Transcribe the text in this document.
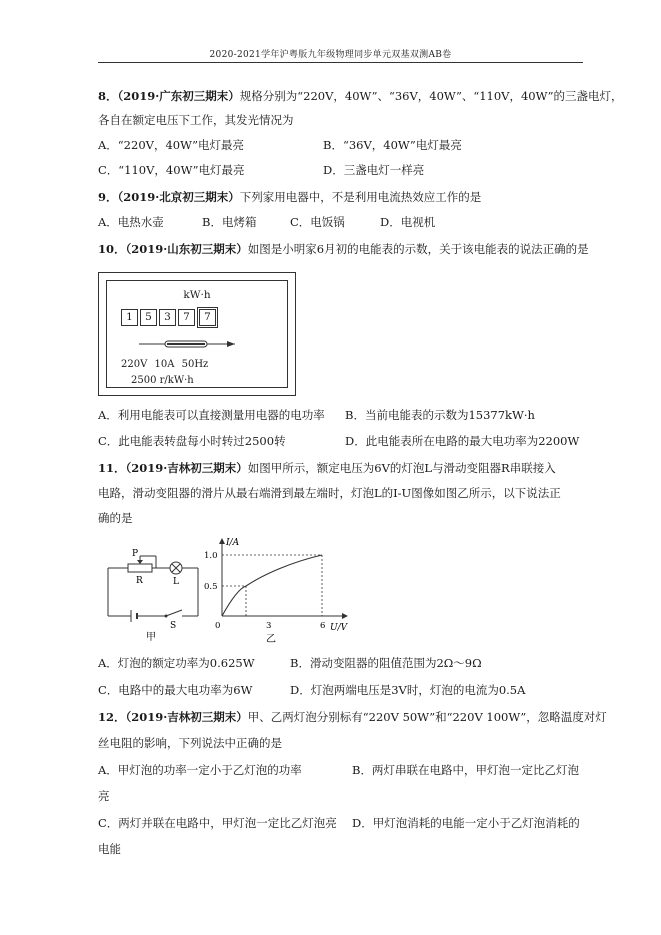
2020-2021学年沪粤版九年级物理同步单元双基双测AB卷
8．（2019·广东初三期末）规格分别为“220V，40W”、“36V，40W”、“110V，40W”的三盏电灯，
各自在额定电压下工作，其发光情况为
A．“220V，40W”电灯最亮	B．“36V，40W”电灯最亮
C．“110V，40W”电灯最亮	D．三盏电灯一样亮
9．（2019·北京初三期末）下列家用电器中，不是利用电流热效应工作的是
A．电热水壶	B．电烤箱	C．电饭锅	D．电视机
10．（2019·山东初三期末）如图是小明家6月初的电能表的示数，关于该电能表的说法正确的是
kW·h
1	5	3	7	7
220V 10A 50Hz
2500 r/kW·h
A．利用电能表可以直接测量用电器的电功率 B．当前电能表的示数为15377kW·h
C．此电能表转盘每小时转过2500转	D．此电能表所在电路的最大电功率为2200W
11．（2019·吉林初三期末）如图甲所示，额定电压为6V的灯泡L与滑动变阻器R串联接入
电路，滑动变阻器的滑片从最右端滑到最左端时，灯泡L的I-U图像如图乙所示，以下说法正
确的是
P
R	L
S
甲
I/A
U/V
1.0
0.5
0	3	6
乙
A．灯泡的额定功率为0.625W	B．滑动变阻器的阻值范围为2Ω～9Ω
C．电路中的最大电功率为6W	D．灯泡两端电压是3V时，灯泡的电流为0.5A
12．（2019·吉林初三期末）甲、乙两灯泡分别标有“220V 50W”和“220V 100W”，忽略温度对灯
丝电阻的影响，下列说法中正确的是
A．甲灯泡的功率一定小于乙灯泡的功率	B．两灯串联在电路中，甲灯泡一定比乙灯泡
亮
C．两灯并联在电路中，甲灯泡一定比乙灯泡亮 D．甲灯泡消耗的电能一定小于乙灯泡消耗的
电能
